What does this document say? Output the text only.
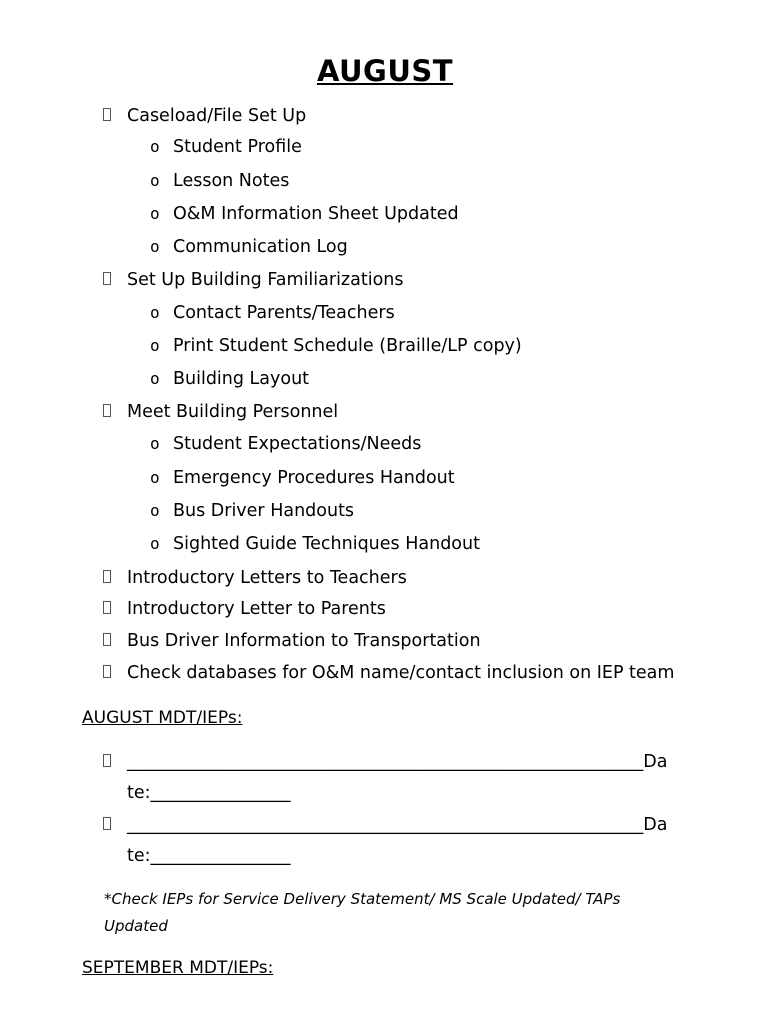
AUGUST
Caseload/File Set Up
o Student Profile
o Lesson Notes
o O&M Information Sheet Updated
o Communication Log
Set Up Building Familiarizations
o Contact Parents/Teachers
o Print Student Schedule (Braille/LP copy)
o Building Layout
Meet Building Personnel
o Student Expectations/Needs
o Emergency Procedures Handout
o Bus Driver Handouts
o Sighted Guide Techniques Handout
Introductory Letters to Teachers
Introductory Letter to Parents
Bus Driver Information to Transportation
Check databases for O&M name/contact inclusion on IEP team
AUGUST MDT/IEPs:
___________________________________________________________Da
te:________________
___________________________________________________________Da
te:________________
*Check IEPs for Service Delivery Statement/ MS Scale Updated/ TAPs Updated
SEPTEMBER MDT/IEPs:
